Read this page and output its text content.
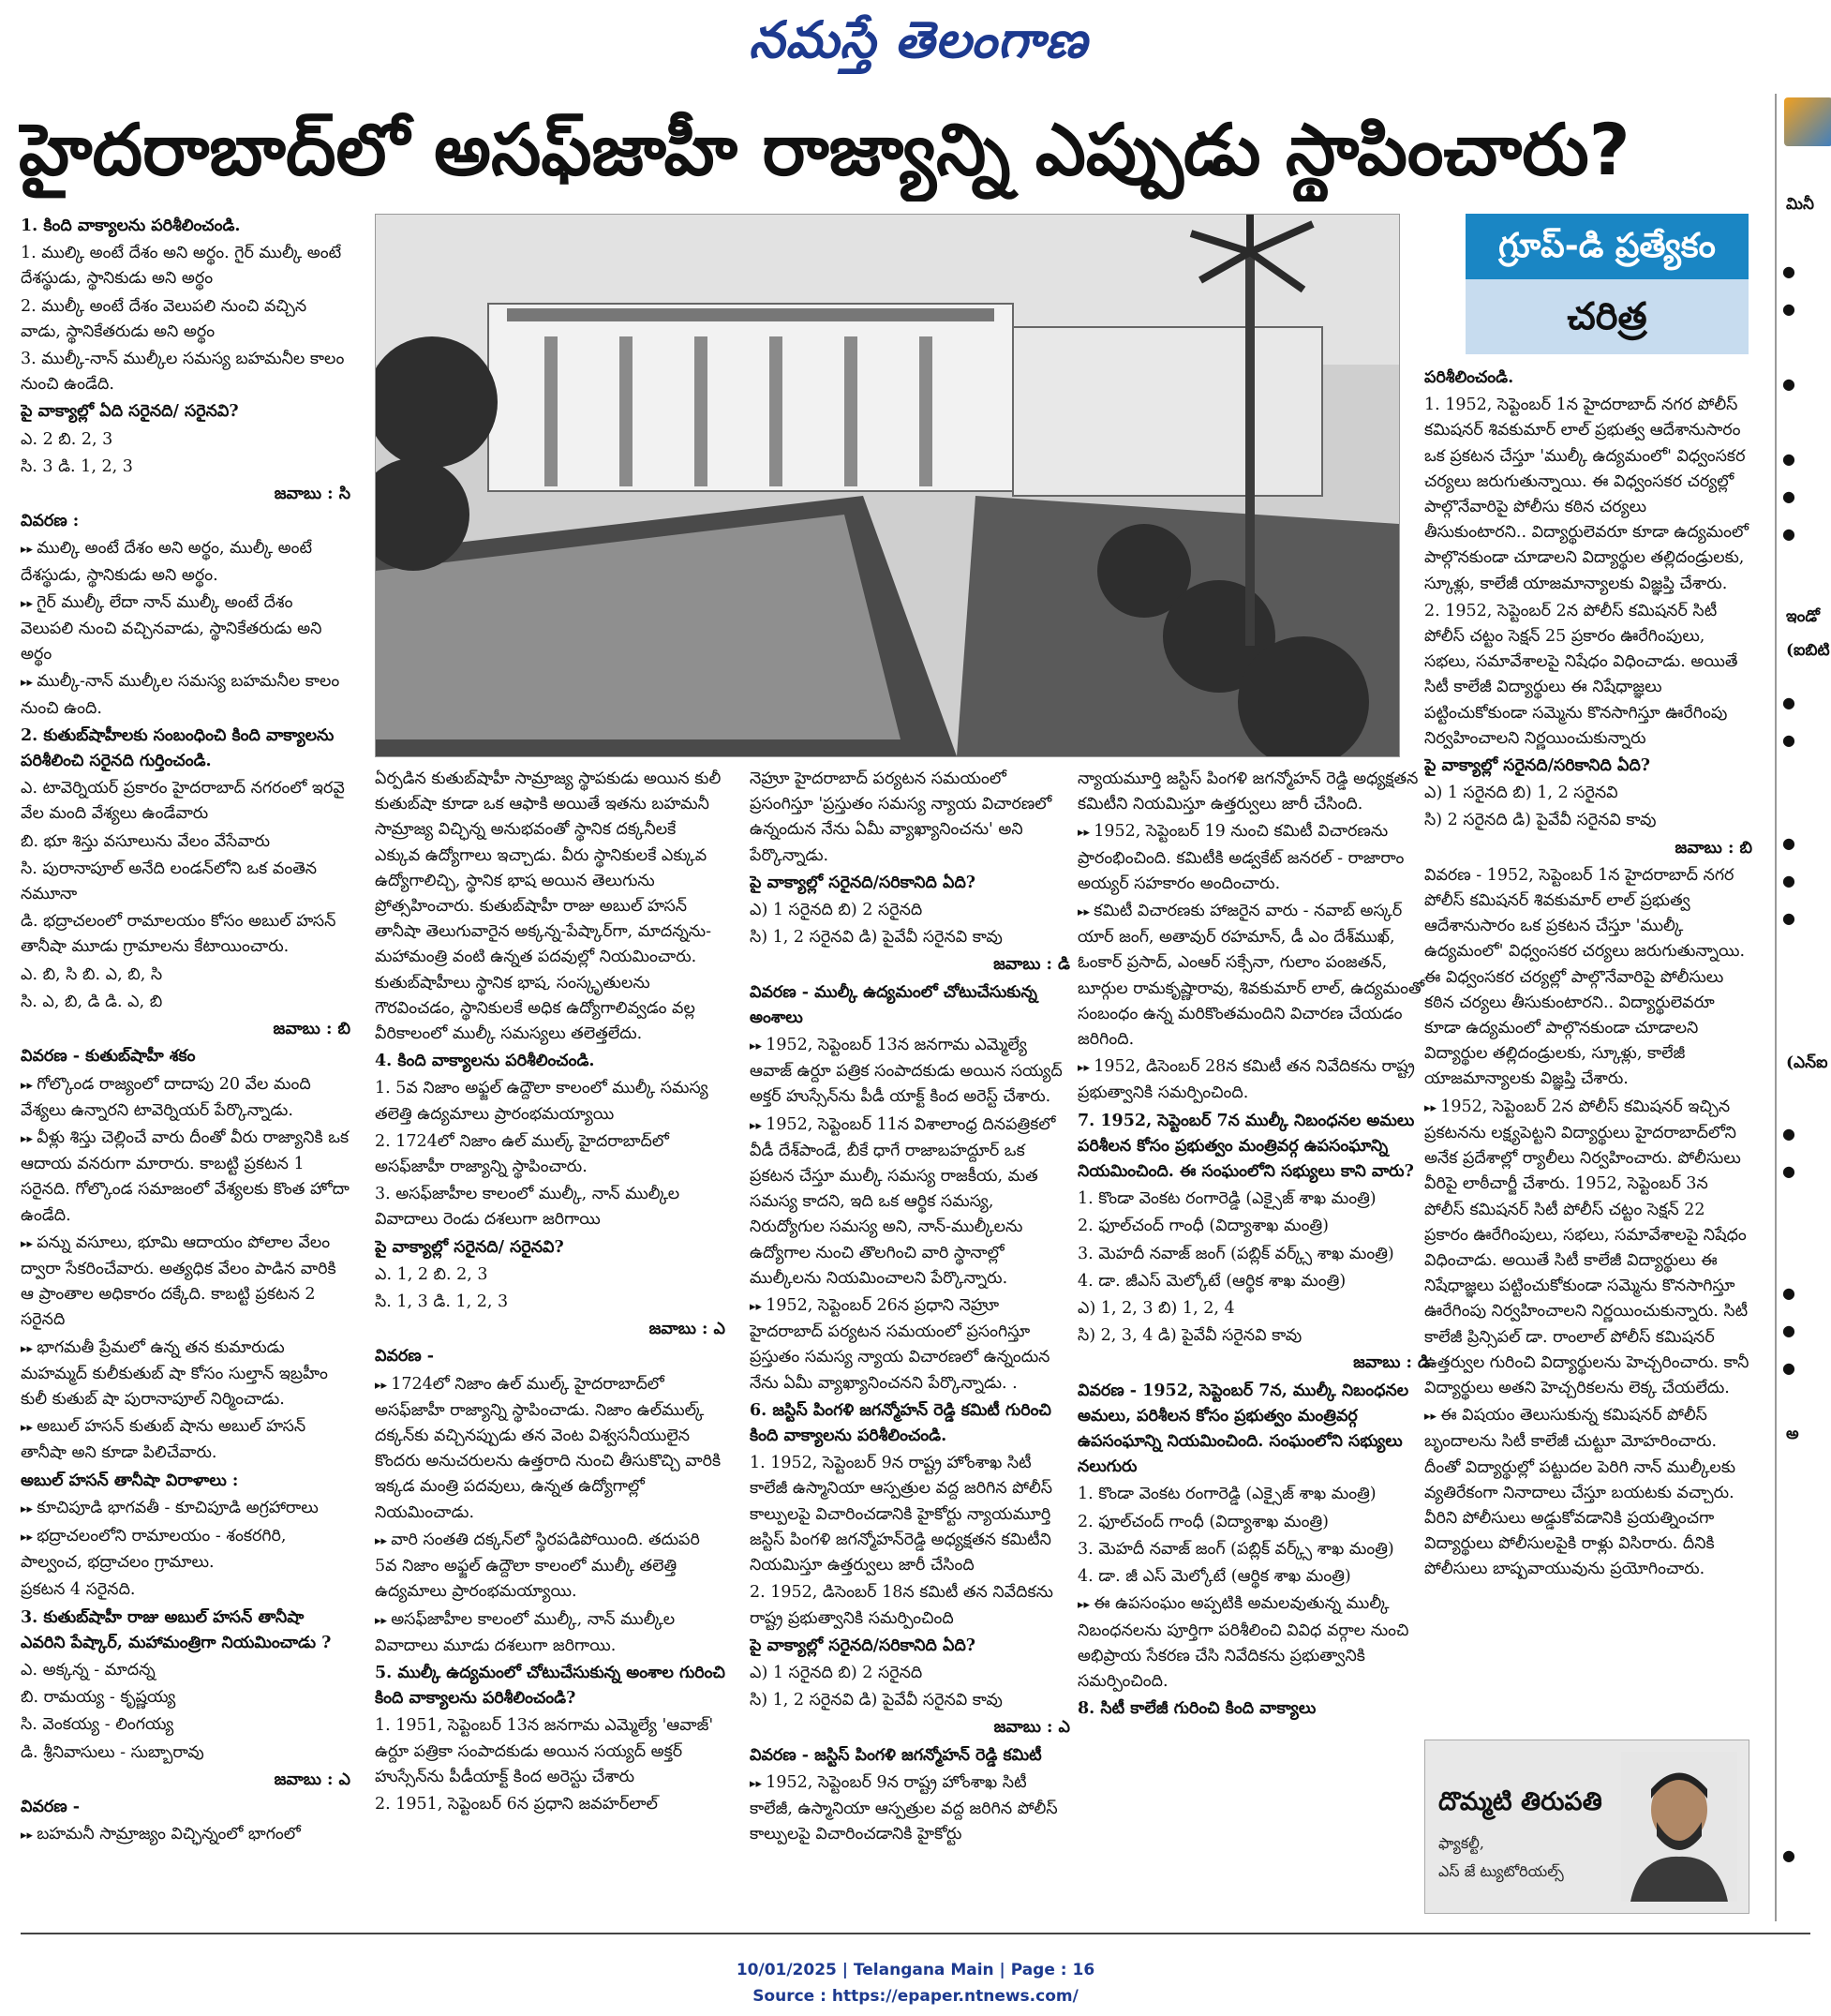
నమస్తే తెలంగాణ
హైదరాబాద్‌లో అసఫ్‌జాహీ రాజ్యాన్ని ఎప్పుడు స్థాపించారు?
గ్రూప్-డి ప్రత్యేకం
చరిత్ర

1. కింది వాక్యాలను పరిశీలించండి.

1. ముల్కి అంటే దేశం అని అర్థం. గైర్ ముల్కీ అంటే దేశస్థుడు, స్థానికుడు అని అర్థం

2. ముల్కీ అంటే దేశం వెలుపలి నుంచి వచ్చిన వాడు, స్థానికేతరుడు అని అర్థం

3. ముల్కీ-నాన్ ముల్కీల సమస్య బహమనీల కాలం నుంచి ఉండేది.

పై వాక్యాల్లో ఏది సరైనది/ సరైనవి?

ఎ. 2 బి. 2, 3

సి. 3 డి. 1, 2, 3

జవాబు : సి

వివరణ :

▸▸ ముల్కి అంటే దేశం అని అర్థం, ముల్కీ అంటే దేశస్థుడు, స్థానికుడు అని అర్థం.

▸▸ గైర్ ముల్కీ లేదా నాన్ ముల్కీ అంటే దేశం వెలుపలి నుంచి వచ్చినవాడు, స్థానికేతరుడు అని అర్థం

▸▸ ముల్కీ-నాన్ ముల్కీల సమస్య బహమనీల కాలం నుంచి ఉంది.

2. కుతుబ్‌షాహీలకు సంబంధించి కింది వాక్యాలను పరిశీలించి సరైనది గుర్తించండి.

ఎ. టావెర్నియర్ ప్రకారం హైదరాబాద్ నగరంలో ఇరవై వేల మంది వేశ్యలు ఉండేవారు

బి. భూ శిస్తు వసూలును వేలం వేసేవారు

సి. పురానాపూల్ అనేది లండన్‌లోని ఒక వంతెన నమూనా

డి. భద్రాచలంలో రామాలయం కోసం అబుల్ హసన్ తానీషా మూడు గ్రామాలను కేటాయించారు.

ఎ. బి, సి బి. ఎ, బి, సి

సి. ఎ, బి, డి డి. ఎ, బి

జవాబు : బి

వివరణ - కుతుబ్‌షాహీ శకం

▸▸ గోల్కొండ రాజ్యంలో దాదాపు 20 వేల మంది వేశ్యలు ఉన్నారని టావెర్నియర్ పేర్కొన్నాడు.

▸▸ వీళ్లు శిస్తు చెల్లించే వారు దీంతో వీరు రాజ్యానికి ఒక ఆదాయ వనరుగా మారారు. కాబట్టి ప్రకటన 1 సరైనది. గోల్కొండ సమాజంలో వేశ్యలకు కొంత హోదా ఉండేది.

▸▸ పన్ను వసూలు, భూమి ఆదాయం పోలాల వేలం ద్వారా సేకరించేవారు. అత్యధిక వేలం పాడిన వారికి ఆ ప్రాంతాల అధికారం దక్కేది. కాబట్టి ప్రకటన 2 సరైనది

▸▸ భాగమతీ ప్రేమలో ఉన్న తన కుమారుడు మహమ్మద్ కులీకుతుబ్ షా కోసం సుల్తాన్ ఇబ్రహీం కులీ కుతుబ్ షా పురానాపూల్ నిర్మించాడు.

▸▸ అబుల్ హసన్ కుతుబ్ షాను అబుల్ హసన్ తానీషా అని కూడా పిలిచేవారు.

అబుల్ హసన్ తానీషా విరాళాలు :

▸▸ కూచిపూడి భాగవతీ - కూచిపూడి అగ్రహారాలు

▸▸ భద్రాచలంలోని రామాలయం - శంకరగిరి, పాల్వంచ, భద్రాచలం గ్రామాలు.

ప్రకటన 4 సరైనది.

3. కుతుబ్‌షాహీ రాజు అబుల్ హసన్ తానీషా ఎవరిని పేష్కార్, మహామంత్రిగా నియమించాడు ?

ఎ. అక్కన్న - మాదన్న

బి. రామయ్య - కృష్ణయ్య

సి. వెంకయ్య - లింగయ్య

డి. శ్రీనివాసులు - సుబ్బారావు

జవాబు : ఎ

వివరణ -

▸▸ బహమనీ సామ్రాజ్యం విచ్ఛిన్నంలో భాగంలో

ఏర్పడిన కుతుబ్‌షాహీ సామ్రాజ్య స్థాపకుడు అయిన కులీ కుతుబ్‌షా కూడా ఒక ఆఫాకి అయితే ఇతను బహమనీ సామ్రాజ్య విచ్ఛిన్న అనుభవంతో స్థానిక దక్కనీలకే ఎక్కువ ఉద్యోగాలు ఇచ్చాడు. వీరు స్థానికులకే ఎక్కువ ఉద్యోగాలిచ్చి, స్థానిక భాష అయిన తెలుగును ప్రోత్సహించారు. కుతుబ్‌షాహీ రాజు అబుల్ హసన్ తానీషా తెలుగువారైన అక్కన్న-పేష్కార్‌గా, మాదన్నను-మహామంత్రి వంటి ఉన్నత పదవుల్లో నియమించారు. కుతుబ్‌షాహీలు స్థానిక భాష, సంస్కృతులను గౌరవించడం, స్థానికులకే అధిక ఉద్యోగాలివ్వడం వల్ల వీరికాలంలో ముల్కీ సమస్యలు తలెత్తలేదు.

4. కింది వాక్యాలను పరిశీలించండి.

1. 5వ నిజాం అఫ్జల్ ఉద్దౌలా కాలంలో ముల్కీ సమస్య తలెత్తి ఉద్యమాలు ప్రారంభమయ్యాయి

2. 1724లో నిజాం ఉల్ ముల్క్ హైదరాబాద్‌లో అసఫ్‌జాహీ రాజ్యాన్ని స్థాపించారు.

3. అసఫ్‌జాహీల కాలంలో ముల్కీ, నాన్ ముల్కీల వివాదాలు రెండు దశలుగా జరిగాయి

పై వాక్యాల్లో సరైనది/ సరైనవి?

ఎ. 1, 2 బి. 2, 3

సి. 1, 3 డి. 1, 2, 3

జవాబు : ఎ

వివరణ -

▸▸ 1724లో నిజాం ఉల్ ముల్క్ హైదరాబాద్‌లో అసఫ్‌జాహీ రాజ్యాన్ని స్థాపించాడు. నిజాం ఉల్‌ముల్క్ దక్కన్‌కు వచ్చినప్పుడు తన వెంట విశ్వసనీయులైన కొందరు అనుచరులను ఉత్తరాది నుంచి తీసుకొచ్చి వారికి ఇక్కడ మంత్రి పదవులు, ఉన్నత ఉద్యోగాల్లో నియమించాడు.

▸▸ వారి సంతతి దక్కన్‌లో స్థిరపడిపోయింది. తదుపరి 5వ నిజాం అఫ్జల్ ఉద్దౌలా కాలంలో ముల్కీ తలెత్తి ఉద్యమాలు ప్రారంభమయ్యాయి.

▸▸ అసఫ్‌జాహీల కాలంలో ముల్కీ, నాన్ ముల్కీల వివాదాలు మూడు దశలుగా జరిగాయి.

5. ముల్కీ ఉద్యమంలో చోటుచేసుకున్న అంశాల గురించి కింది వాక్యాలను పరిశీలించండి?

1. 1951, సెప్టెంబర్ 13న జనగామ ఎమ్మెల్యే 'ఆవాజ్' ఉర్దూ పత్రికా సంపాదకుడు అయిన సయ్యద్ అక్తర్ హుస్సేన్‌ను పీడీయాక్ట్ కింద అరెస్టు చేశారు

2. 1951, సెప్టెంబర్ 6న ప్రధాని జవహర్‌లాల్

నెహ్రూ హైదరాబాద్ పర్యటన సమయంలో ప్రసంగిస్తూ 'ప్రస్తుతం సమస్య న్యాయ విచారణలో ఉన్నందున నేను ఏమీ వ్యాఖ్యానించను' అని పేర్కొన్నాడు.

పై వాక్యాల్లో సరైనది/సరికానిది ఏది?

ఎ) 1 సరైనది బి) 2 సరైనది

సి) 1, 2 సరైనవి డి) పైవేవీ సరైనవి కావు

జవాబు : డి

వివరణ - ముల్కీ ఉద్యమంలో చోటుచేసుకున్న అంశాలు

▸▸ 1952, సెప్టెంబర్ 13న జనగామ ఎమ్మెల్యే ఆవాజ్ ఉర్దూ పత్రిక సంపాదకుడు అయిన సయ్యద్ అక్తర్ హుస్సేన్‌ను పీడీ యాక్ట్ కింద అరెస్ట్ చేశారు.

▸▸ 1952, సెప్టెంబర్ 11న విశాలాంధ్ర దినపత్రికలో వీడీ దేశ్‌పాండే, బీకే ధాగే రాజాబహద్దూర్ ఒక ప్రకటన చేస్తూ ముల్కీ సమస్య రాజకీయ, మత సమస్య కాదని, ఇది ఒక ఆర్థిక సమస్య, నిరుద్యోగుల సమస్య అని, నాన్-ముల్కీలను ఉద్యోగాల నుంచి తొలగించి వారి స్థానాల్లో ముల్కీలను నియమించాలని పేర్కొన్నారు.

▸▸ 1952, సెప్టెంబర్ 26న ప్రధాని నెహ్రూ హైదరాబాద్ పర్యటన సమయంలో ప్రసంగిస్తూ ప్రస్తుతం సమస్య న్యాయ విచారణలో ఉన్నందున నేను ఏమీ వ్యాఖ్యానించనని పేర్కొన్నాడు. .

6. జస్టిస్ పింగళి జగన్మోహన్ రెడ్డి కమిటీ గురించి కింది వాక్యాలను పరిశీలించండి.

1. 1952, సెప్టెంబర్ 9న రాష్ట్ర హోంశాఖ సిటీ కాలేజీ ఉస్మానియా ఆస్పత్రుల వద్ద జరిగిన పోలీస్ కాల్పులపై విచారించడానికి హైకోర్టు న్యాయమూర్తి జస్టిస్ పింగళి జగన్మోహన్‌రెడ్డి అధ్యక్షతన కమిటీని నియమిస్తూ ఉత్తర్వులు జారీ చేసింది

2. 1952, డిసెంబర్ 18న కమిటీ తన నివేదికను రాష్ట్ర ప్రభుత్వానికి సమర్పించింది

పై వాక్యాల్లో సరైనది/సరికానిది ఏది?

ఎ) 1 సరైనది బి) 2 సరైనది

సి) 1, 2 సరైనవి డి) పైవేవీ సరైనవి కావు

జవాబు : ఎ

వివరణ - జస్టిస్ పింగళి జగన్మోహన్ రెడ్డి కమిటీ

▸▸ 1952, సెప్టెంబర్ 9న రాష్ట్ర హోంశాఖ సిటీ కాలేజీ, ఉస్మానియా ఆస్పత్రుల వద్ద జరిగిన పోలీస్ కాల్పులపై విచారించడానికి హైకోర్టు

న్యాయమూర్తి జస్టిస్ పింగళి జగన్మోహన్ రెడ్డి అధ్యక్షతన కమిటీని నియమిస్తూ ఉత్తర్వులు జారీ చేసింది.

▸▸ 1952, సెప్టెంబర్ 19 నుంచి కమిటీ విచారణను ప్రారంభించింది. కమిటీకి అడ్వకేట్ జనరల్ - రాజారాం అయ్యర్ సహకారం అందించారు.

▸▸ కమిటీ విచారణకు హాజరైన వారు - నవాబ్ అస్కర్ యార్ జంగ్, అతావుర్ రహమాన్, డీ ఎం దేశ్‌ముఖ్, ఓంకార్ ప్రసాద్, ఎంఆర్ సక్సేనా, గులాం పంజతన్, బూర్గుల రామకృష్ణారావు, శివకుమార్ లాల్, ఉద్యమంతో సంబంధం ఉన్న మరికొంతమందిని విచారణ చేయడం జరిగింది.

▸▸ 1952, డిసెంబర్ 28న కమిటీ తన నివేదికను రాష్ట్ర ప్రభుత్వానికి సమర్పించింది.

7. 1952, సెప్టెంబర్ 7న ముల్కీ నిబంధనల అమలు పరిశీలన కోసం ప్రభుత్వం మంత్రివర్గ ఉపసంఘాన్ని నియమించింది. ఈ సంఘంలోని సభ్యులు కాని వారు?

1. కొండా వెంకట రంగారెడ్డి (ఎక్సైజ్ శాఖ మంత్రి)

2. ఫూల్‌చంద్ గాంధీ (విద్యాశాఖ మంత్రి)

3. మెహదీ నవాజ్ జంగ్ (పబ్లిక్ వర్క్స్ శాఖ మంత్రి)

4. డా. జీఎస్ మెల్కోటే (ఆర్థిక శాఖ మంత్రి)

ఎ) 1, 2, 3 బి) 1, 2, 4

సి) 2, 3, 4 డి) పైవేవీ సరైనవి కావు

జవాబు : డి

వివరణ - 1952, సెప్టెంబర్ 7న, ముల్కీ నిబంధనల అమలు, పరిశీలన కోసం ప్రభుత్వం మంత్రివర్గ ఉపసంఘాన్ని నియమించింది. సంఘంలోని సభ్యులు నలుగురు

1. కొండా వెంకట రంగారెడ్డి (ఎక్సైజ్ శాఖ మంత్రి)

2. ఫూల్‌చంద్ గాంధీ (విద్యాశాఖ మంత్రి)

3. మెహదీ నవాజ్ జంగ్ (పబ్లిక్ వర్క్స్ శాఖ మంత్రి)

4. డా. జీ ఎస్ మెల్కోటే (ఆర్థిక శాఖ మంత్రి)

▸▸ ఈ ఉపసంఘం అప్పటికి అమలవుతున్న ముల్కీ నిబంధనలను పూర్తిగా పరిశీలించి వివిధ వర్గాల నుంచి అభిప్రాయ సేకరణ చేసి నివేదికను ప్రభుత్వానికి సమర్పించింది.

8. సిటీ కాలేజీ గురించి కింది వాక్యాలు

పరిశీలించండి.

1. 1952, సెప్టెంబర్ 1న హైదరాబాద్ నగర పోలీస్ కమిషనర్ శివకుమార్ లాల్ ప్రభుత్వ ఆదేశానుసారం ఒక ప్రకటన చేస్తూ 'ముల్కీ ఉద్యమంలో' విధ్వంసకర చర్యలు జరుగుతున్నాయి. ఈ విధ్వంసకర చర్యల్లో పాల్గొనేవారిపై పోలీసు కఠిన చర్యలు తీసుకుంటారని.. విద్యార్థులెవరూ కూడా ఉద్యమంలో పాల్గొనకుండా చూడాలని విద్యార్థుల తల్లిదండ్రులకు, స్కూళ్లు, కాలేజీ యాజమాన్యాలకు విజ్ఞప్తి చేశారు.

2. 1952, సెప్టెంబర్ 2న పోలీస్ కమిషనర్ సిటీ పోలీస్ చట్టం సెక్షన్ 25 ప్రకారం ఊరేగింపులు, సభలు, సమావేశాలపై నిషేధం విధించాడు. అయితే సిటీ కాలేజీ విద్యార్థులు ఈ నిషేధాజ్ఞలు పట్టించుకోకుండా సమ్మెను కొనసాగిస్తూ ఊరేగింపు నిర్వహించాలని నిర్ణయించుకున్నారు

పై వాక్యాల్లో సరైనది/సరికానిది ఏది?

ఎ) 1 సరైనది బి) 1, 2 సరైనవి

సి) 2 సరైనది డి) పైవేవీ సరైనవి కావు

జవాబు : బి

వివరణ - 1952, సెప్టెంబర్ 1న హైదరాబాద్ నగర పోలీస్ కమిషనర్ శివకుమార్ లాల్ ప్రభుత్వ ఆదేశానుసారం ఒక ప్రకటన చేస్తూ 'ముల్కీ ఉద్యమంలో' విధ్వంసకర చర్యలు జరుగుతున్నాయి. ఈ విధ్వంసకర చర్యల్లో పాల్గొనేవారిపై పోలీసులు కఠిన చర్యలు తీసుకుంటారని.. విద్యార్థులెవరూ కూడా ఉద్యమంలో పాల్గొనకుండా చూడాలని విద్యార్థుల తల్లిదండ్రులకు, స్కూళ్లు, కాలేజీ యాజమాన్యాలకు విజ్ఞప్తి చేశారు.

▸▸ 1952, సెప్టెంబర్ 2న పోలీస్ కమిషనర్ ఇచ్చిన ప్రకటనను లక్ష్యపెట్టని విద్యార్థులు హైదరాబాద్‌లోని అనేక ప్రదేశాల్లో ర్యాలీలు నిర్వహించారు. పోలీసులు వీరిపై లాఠీచార్జీ చేశారు. 1952, సెప్టెంబర్ 3న పోలీస్ కమిషనర్ సిటీ పోలీస్ చట్టం సెక్షన్ 22 ప్రకారం ఊరేగింపులు, సభలు, సమావేశాలపై నిషేధం విధించాడు. అయితే సిటీ కాలేజీ విద్యార్థులు ఈ నిషేధాజ్ఞలు పట్టించుకోకుండా సమ్మెను కొనసాగిస్తూ ఊరేగింపు నిర్వహించాలని నిర్ణయించుకున్నారు. సిటీ కాలేజీ ప్రిన్సిపల్ డా. రాంలాల్ పోలీస్ కమిషనర్ ఉత్తర్వుల గురించి విద్యార్థులను హెచ్చరించారు. కానీ విద్యార్థులు అతని హెచ్చరికలను లెక్క చేయలేదు.

▸▸ ఈ విషయం తెలుసుకున్న కమిషనర్ పోలీస్ బృందాలను సిటీ కాలేజీ చుట్టూ మోహరించారు. దీంతో విద్యార్థుల్లో పట్టుదల పెరిగి నాన్ ముల్కీలకు వ్యతిరేకంగా నినాదాలు చేస్తూ బయటకు వచ్చారు. వీరిని పోలీసులు అడ్డుకోవడానికి ప్రయత్నించగా విద్యార్థులు పోలీసులపైకి రాళ్లు విసిరారు. దీనికి పోలీసులు బాష్పవాయువును ప్రయోగించారు.

దొమ్మటి తిరుపతి
ఫ్యాకల్టీ,
ఎస్ జే ట్యుటోరియల్స్
మినీ
●
●
●
●
●
●
ఇండో
(ఐబిటి
●
●
●
●
●
(ఎన్ఐ
●
●
●
●
●
అ
●
10/01/2025 | Telangana Main | Page : 16
Source : https://epaper.ntnews.com/
